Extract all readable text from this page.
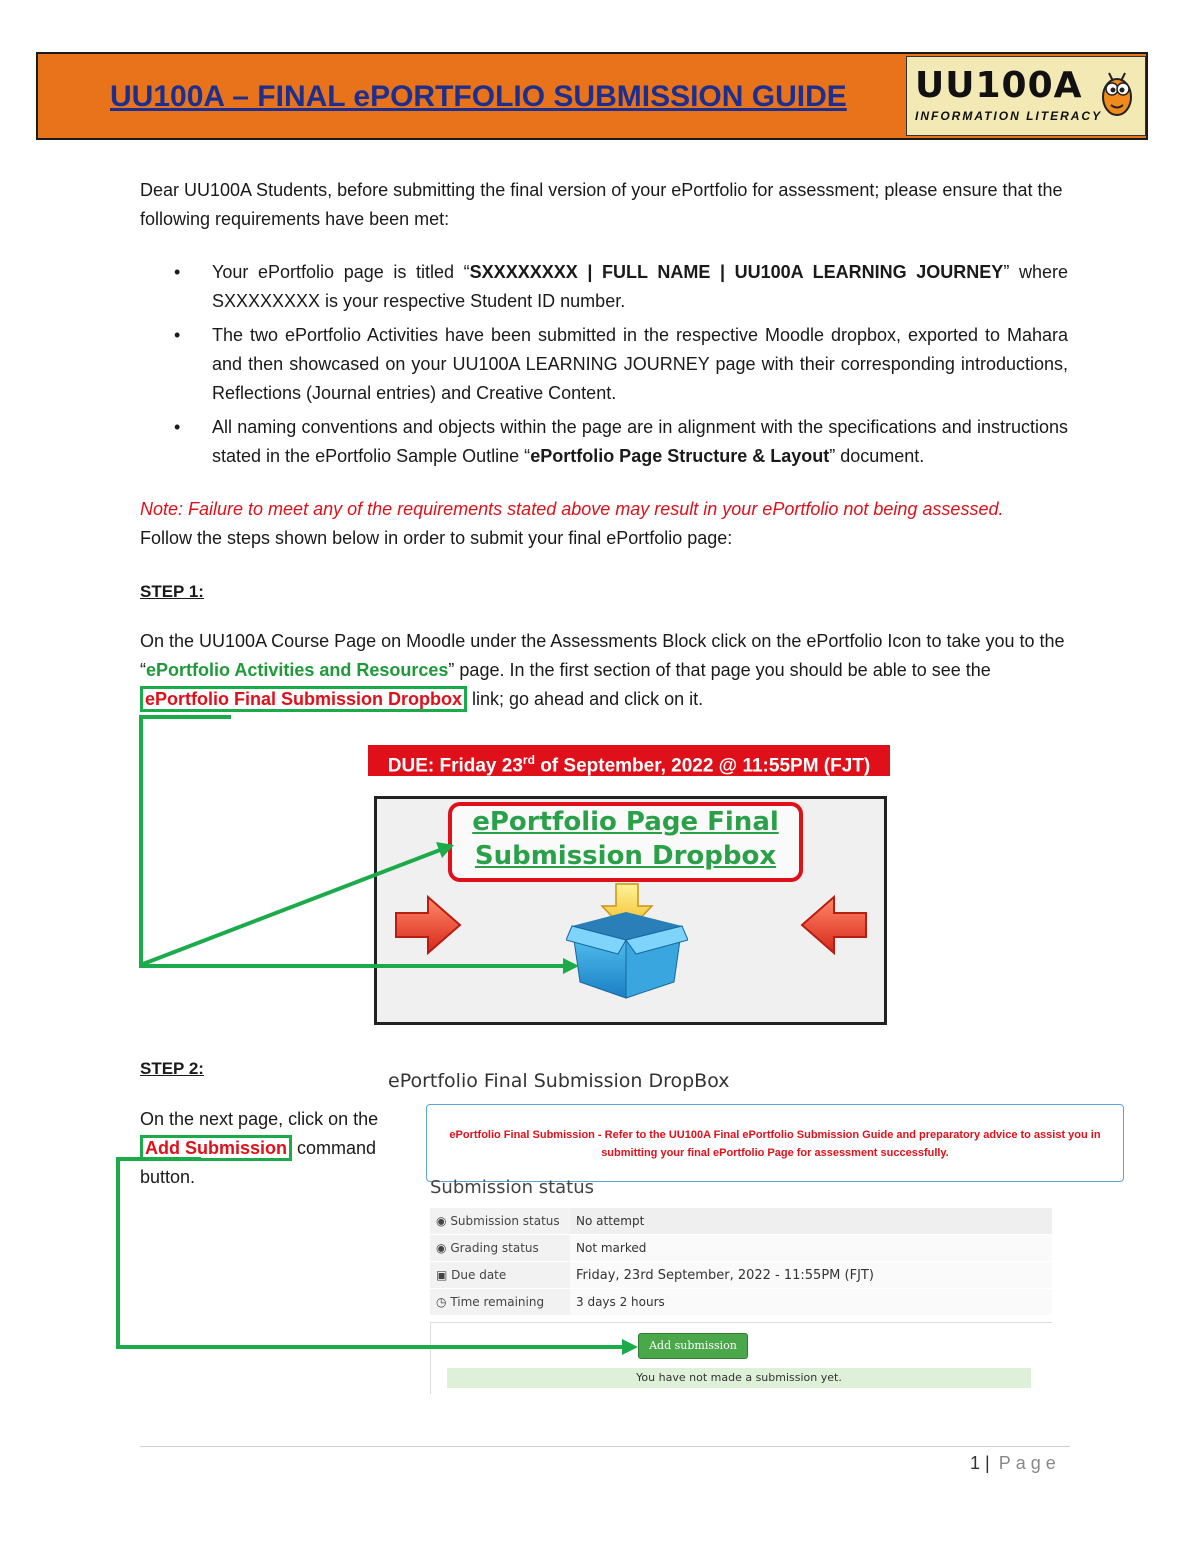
UU100A – FINAL ePORTFOLIO SUBMISSION GUIDE UU100A
INFORMATION LITERACY
Dear UU100A Students, before submitting the final version of your ePortfolio for assessment; please ensure that the following requirements have been met:
• Your ePortfolio page is titled “SXXXXXXXX | FULL NAME | UU100A LEARNING JOURNEY” where SXXXXXXXX is your respective Student ID number.
• The two ePortfolio Activities have been submitted in the respective Moodle dropbox, exported to Mahara and then showcased on your UU100A LEARNING JOURNEY page with their corresponding introductions, Reflections (Journal entries) and Creative Content.
• All naming conventions and objects within the page are in alignment with the specifications and instructions stated in the ePortfolio Sample Outline “ePortfolio Page Structure & Layout” document.
Note: Failure to meet any of the requirements stated above may result in your ePortfolio not being assessed.
Follow the steps shown below in order to submit your final ePortfolio page:
STEP 1:
On the UU100A Course Page on Moodle under the Assessments Block click on the ePortfolio Icon to take you to the “ePortfolio Activities and Resources” page. In the first section of that page you should be able to see the ePortfolio Final Submission Dropbox link; go ahead and click on it.
DUE: Friday 23rd of September, 2022 @ 11:55PM (FJT)
ePortfolio Page Final
Submission Dropbox
STEP 2:
On the next page, click on the Add Submission command button.
ePortfolio Final Submission DropBox
ePortfolio Final Submission - Refer to the UU100A Final ePortfolio Submission Guide and preparatory advice to assist you in submitting your final ePortfolio Page for assessment successfully.
Submission status
◉ Submission status	No attempt
◉ Grading status	Not marked
▣ Due date	Friday, 23rd September, 2022 - 11:55PM (FJT)
◷ Time remaining	3 days 2 hours
Add submission
You have not made a submission yet.
1 | Page
